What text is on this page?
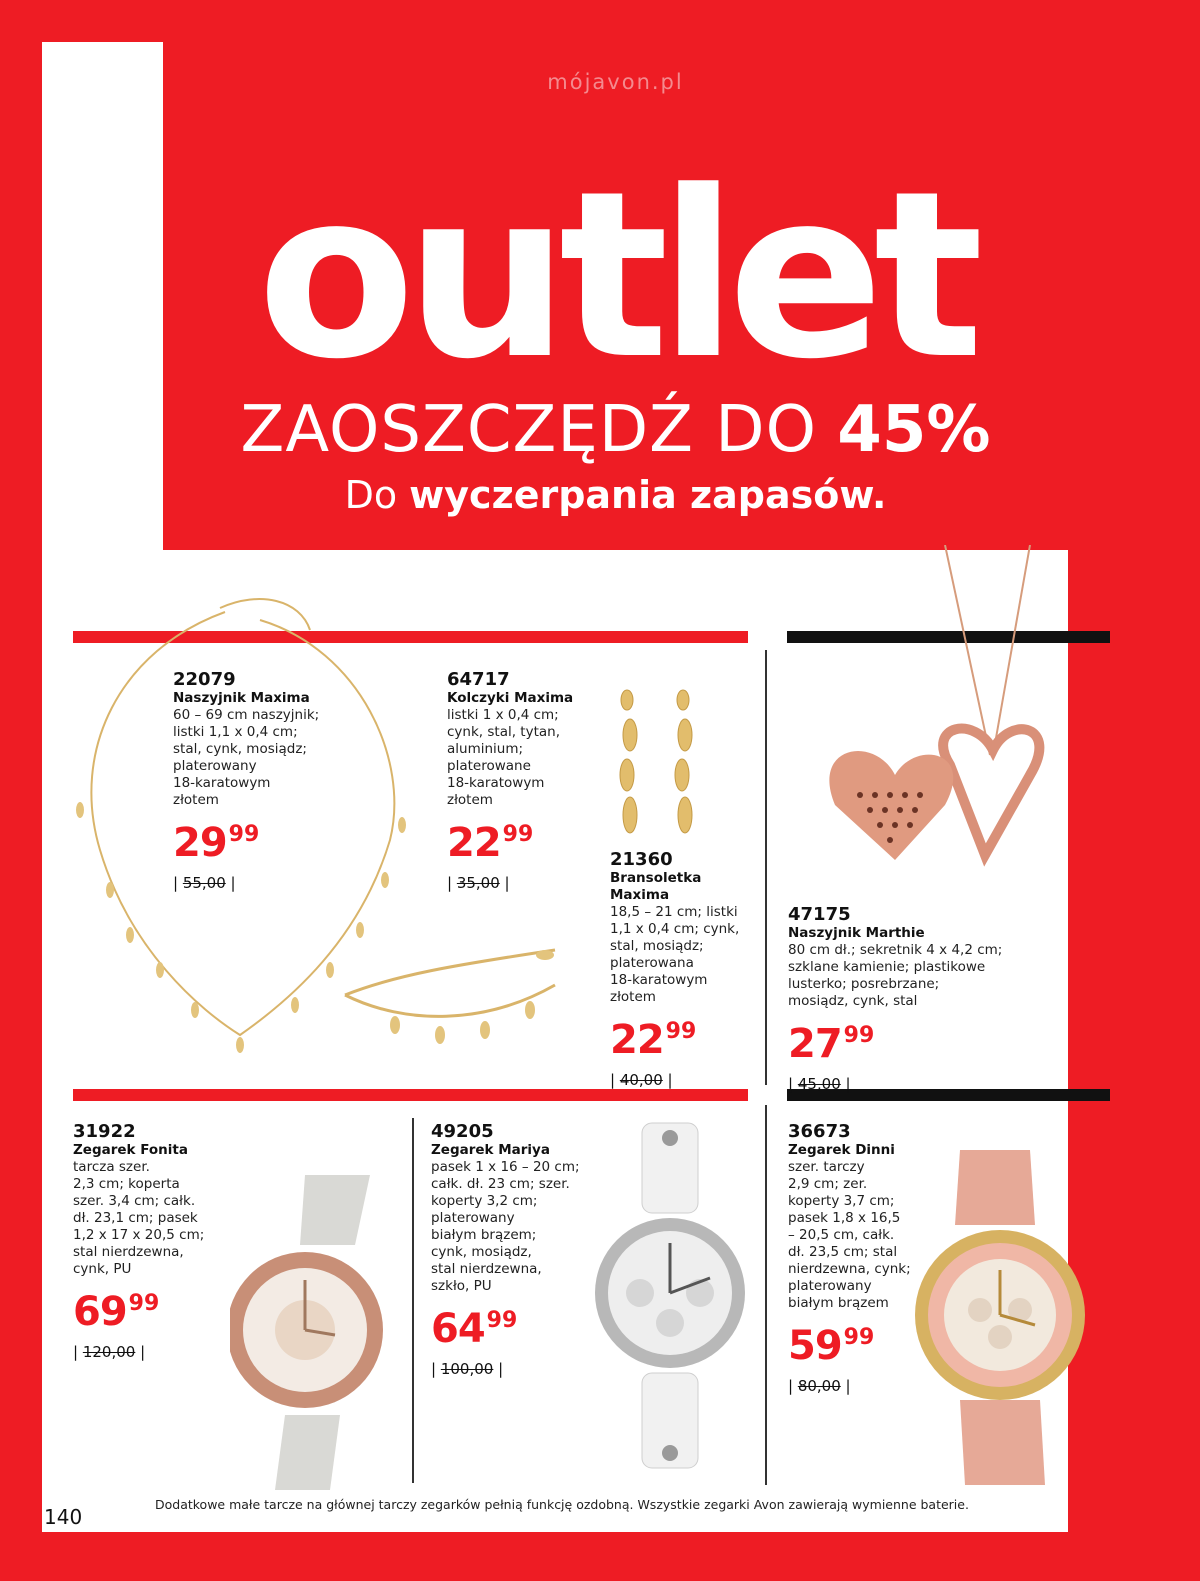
mójavon.pl
outlet
ZAOSZCZĘDŹ DO 45%
Do wyczerpania zapasów.
22079
Naszyjnik Maxima
60 – 69 cm naszyjnik;
listki 1,1 x 0,4 cm;
stal, cynk, mosiądz;
platerowany
18-karatowym
złotem
2999
| 55,00 |
64717
Kolczyki Maxima
listki 1 x 0,4 cm;
cynk, stal, tytan,
aluminium;
platerowane
18-karatowym
złotem
2299
| 35,00 |
21360
Bransoletka
Maxima
18,5 – 21 cm; listki
1,1 x 0,4 cm; cynk,
stal, mosiądz;
platerowana
18-karatowym
złotem
2299
| 40,00 |
47175
Naszyjnik Marthie
80 cm dł.; sekretnik 4 x 4,2 cm;
szklane kamienie; plastikowe
lusterko; posrebrzane;
mosiądz, cynk, stal
2799
| 45,00 |
31922
Zegarek Fonita
tarcza szer.
2,3 cm; koperta
szer. 3,4 cm; całk.
dł. 23,1 cm; pasek
1,2 x 17 x 20,5 cm;
stal nierdzewna,
cynk, PU
6999
| 120,00 |
49205
Zegarek Mariya
pasek 1 x 16 – 20 cm;
całk. dł. 23 cm; szer.
koperty 3,2 cm;
platerowany
białym brązem;
cynk, mosiądz,
stal nierdzewna,
szkło, PU
6499
| 100,00 |
36673
Zegarek Dinni
szer. tarczy
2,9 cm; zer.
koperty 3,7 cm;
pasek 1,8 x 16,5
– 20,5 cm, całk.
dł. 23,5 cm; stal
nierdzewna, cynk;
platerowany
białym brązem
5999
| 80,00 |
Dodatkowe małe tarcze na głównej tarczy zegarków pełnią funkcję ozdobną. Wszystkie zegarki Avon zawierają wymienne baterie.
140
